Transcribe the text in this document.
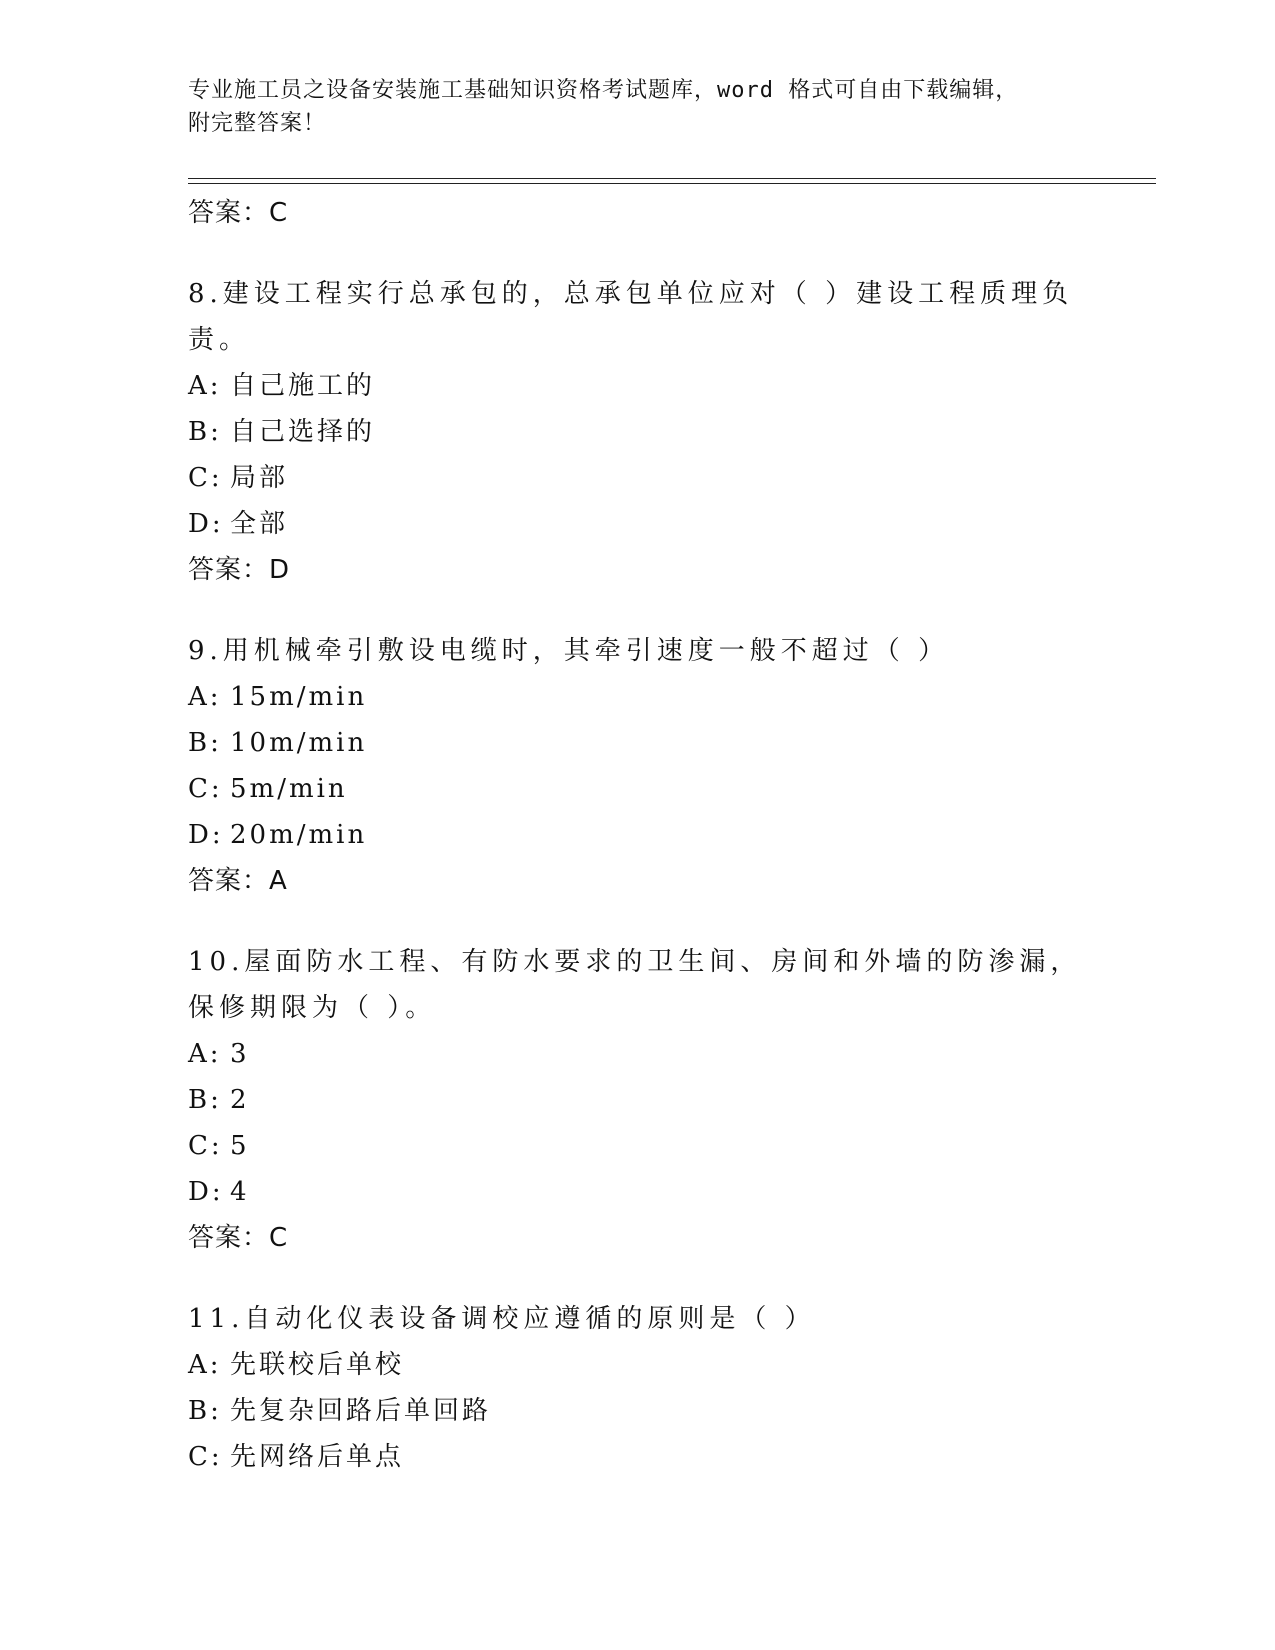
专业施工员之设备安装施工基础知识资格考试题库，word 格式可自由下载编辑，
附完整答案！
答案：C
8.建设工程实行总承包的，总承包单位应对（ ）建设工程质理负责。
A: 自己施工的
B: 自己选择的
C: 局部
D: 全部
答案：D
9.用机械牵引敷设电缆时，其牵引速度一般不超过（ ）
A: 15m/min
B: 10m/min
C: 5m/min
D: 20m/min
答案：A
10.屋面防水工程、有防水要求的卫生间、房间和外墙的防渗漏，保修期限为（ ）。
A: 3
B: 2
C: 5
D: 4
答案：C
11.自动化仪表设备调校应遵循的原则是（ ）
A: 先联校后单校
B: 先复杂回路后单回路
C: 先网络后单点
